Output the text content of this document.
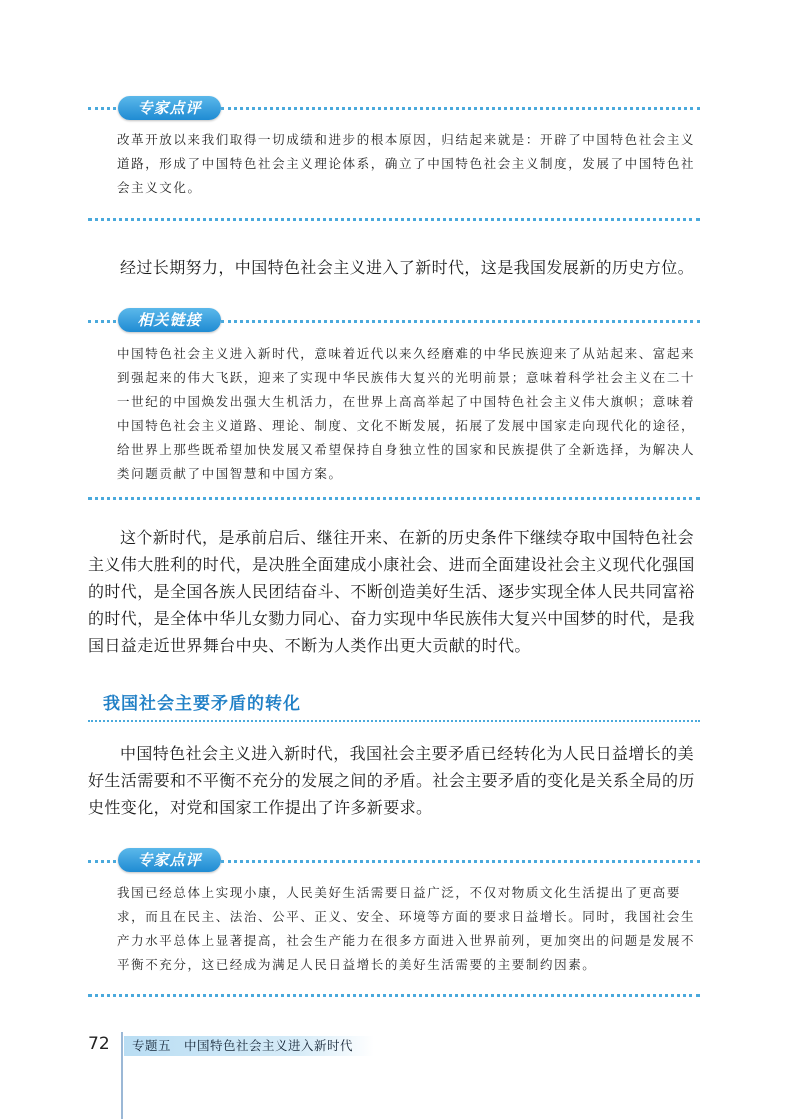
专家点评
改革开放以来我们取得一切成绩和进步的根本原因，归结起来就是：开辟了中国特色社会主义道路，形成了中国特色社会主义理论体系，确立了中国特色社会主义制度，发展了中国特色社会主义文化。

经过长期努力，中国特色社会主义进入了新时代，这是我国发展新的历史方位。

相关链接
中国特色社会主义进入新时代，意味着近代以来久经磨难的中华民族迎来了从站起来、富起来到强起来的伟大飞跃，迎来了实现中华民族伟大复兴的光明前景；意味着科学社会主义在二十一世纪的中国焕发出强大生机活力，在世界上高高举起了中国特色社会主义伟大旗帜；意味着中国特色社会主义道路、理论、制度、文化不断发展，拓展了发展中国家走向现代化的途径，给世界上那些既希望加快发展又希望保持自身独立性的国家和民族提供了全新选择，为解决人类问题贡献了中国智慧和中国方案。

这个新时代，是承前启后、继往开来、在新的历史条件下继续夺取中国特色社会主义伟大胜利的时代，是决胜全面建成小康社会、进而全面建设社会主义现代化强国的时代，是全国各族人民团结奋斗、不断创造美好生活、逐步实现全体人民共同富裕的时代，是全体中华儿女勠力同心、奋力实现中华民族伟大复兴中国梦的时代，是我国日益走近世界舞台中央、不断为人类作出更大贡献的时代。

我国社会主要矛盾的转化

中国特色社会主义进入新时代，我国社会主要矛盾已经转化为人民日益增长的美好生活需要和不平衡不充分的发展之间的矛盾。社会主要矛盾的变化是关系全局的历史性变化，对党和国家工作提出了许多新要求。

专家点评
我国已经总体上实现小康，人民美好生活需要日益广泛，不仅对物质文化生活提出了更高要求，而且在民主、法治、公平、正义、安全、环境等方面的要求日益增长。同时，我国社会生产力水平总体上显著提高，社会生产能力在很多方面进入世界前列，更加突出的问题是发展不平衡不充分，这已经成为满足人民日益增长的美好生活需要的主要制约因素。
72	专题五　中国特色社会主义进入新时代
